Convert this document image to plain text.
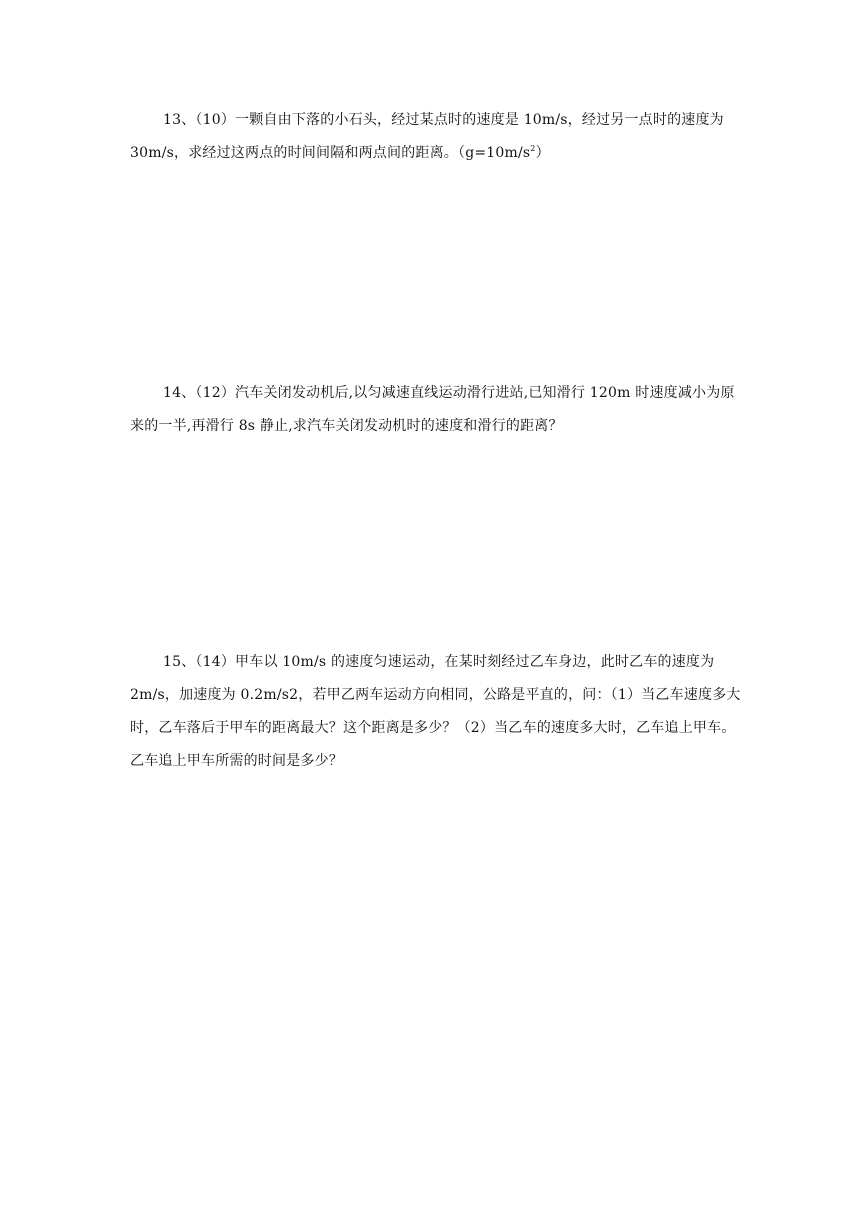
13、（10）一颗自由下落的小石头，经过某点时的速度是 10m/s，经过另一点时的速度为 30m/s，求经过这两点的时间间隔和两点间的距离。$(g=10m/s^2)$

14、（12）汽车关闭发动机后,以匀减速直线运动滑行进站,已知滑行 120m 时速度减小为原来的一半,再滑行 8s 静止,求汽车关闭发动机时的速度和滑行的距离？

15、（14）甲车以 10m/s 的速度匀速运动，在某时刻经过乙车身边，此时乙车的速度为 2m/s，加速度为 0.2m/s2，若甲乙两车运动方向相同，公路是平直的，问：（1）当乙车速度多大时，乙车落后于甲车的距离最大？这个距离是多少？（2）当乙车的速度多大时，乙车追上甲车。乙车追上甲车所需的时间是多少？
